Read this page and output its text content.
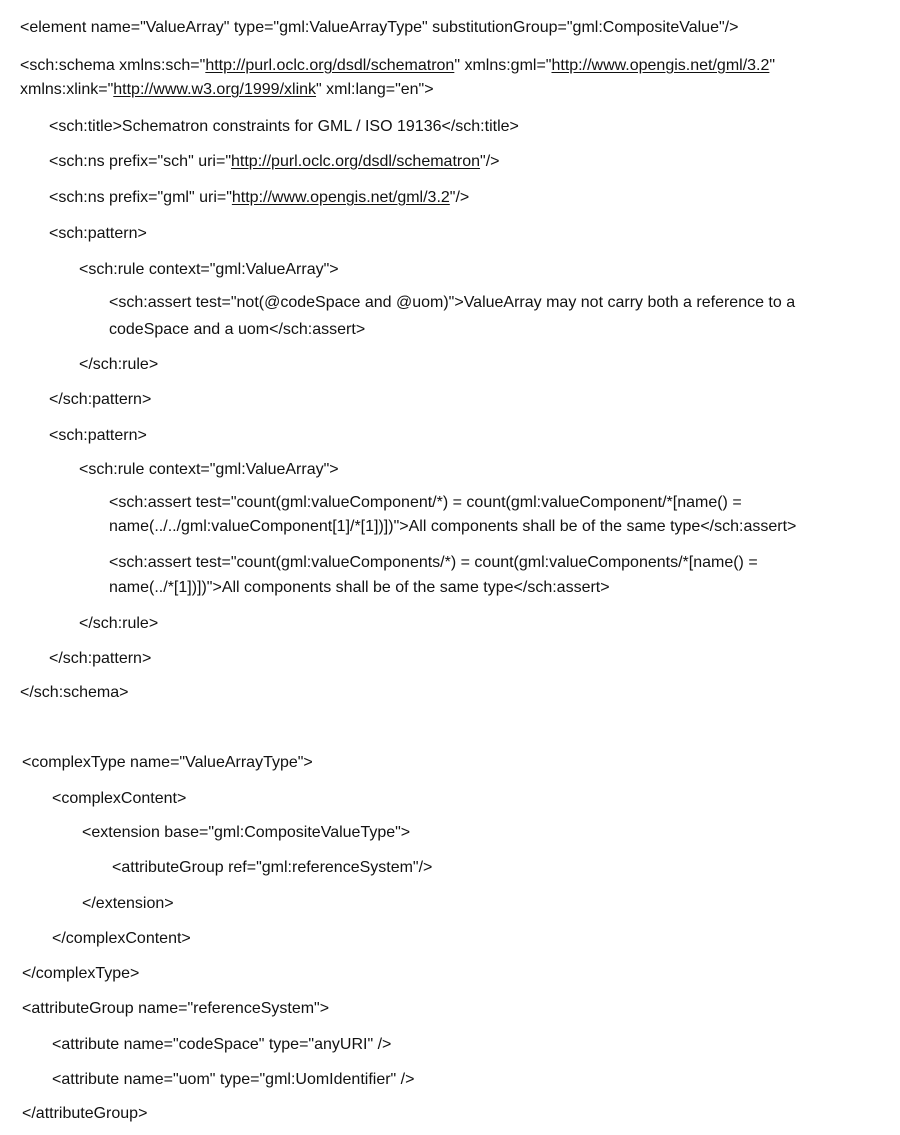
<element name="ValueArray" type="gml:ValueArrayType" substitutionGroup="gml:CompositeValue"/>
<sch:schema xmlns:sch="http://purl.oclc.org/dsdl/schematron" xmlns:gml="http://www.opengis.net/gml/3.2"
xmlns:xlink="http://www.w3.org/1999/xlink" xml:lang="en">
<sch:title>Schematron constraints for GML / ISO 19136</sch:title>
<sch:ns prefix="sch" uri="http://purl.oclc.org/dsdl/schematron"/>
<sch:ns prefix="gml" uri="http://www.opengis.net/gml/3.2"/>
<sch:pattern>
<sch:rule context="gml:ValueArray">
<sch:assert test="not(@codeSpace and @uom)">ValueArray may not carry both a reference to a
codeSpace and a uom</sch:assert>
</sch:rule>
</sch:pattern>
<sch:pattern>
<sch:rule context="gml:ValueArray">
<sch:assert test="count(gml:valueComponent/*) = count(gml:valueComponent/*[name() =
name(../../gml:valueComponent[1]/*[1])])">All components shall be of the same type</sch:assert>
<sch:assert test="count(gml:valueComponents/*) = count(gml:valueComponents/*[name() =
name(../*[1])])">All components shall be of the same type</sch:assert>
</sch:rule>
</sch:pattern>
</sch:schema>
<complexType name="ValueArrayType">
<complexContent>
<extension base="gml:CompositeValueType">
<attributeGroup ref="gml:referenceSystem"/>
</extension>
</complexContent>
</complexType>
<attributeGroup name="referenceSystem">
<attribute name="codeSpace" type="anyURI" />
<attribute name="uom" type="gml:UomIdentifier" />
</attributeGroup>
